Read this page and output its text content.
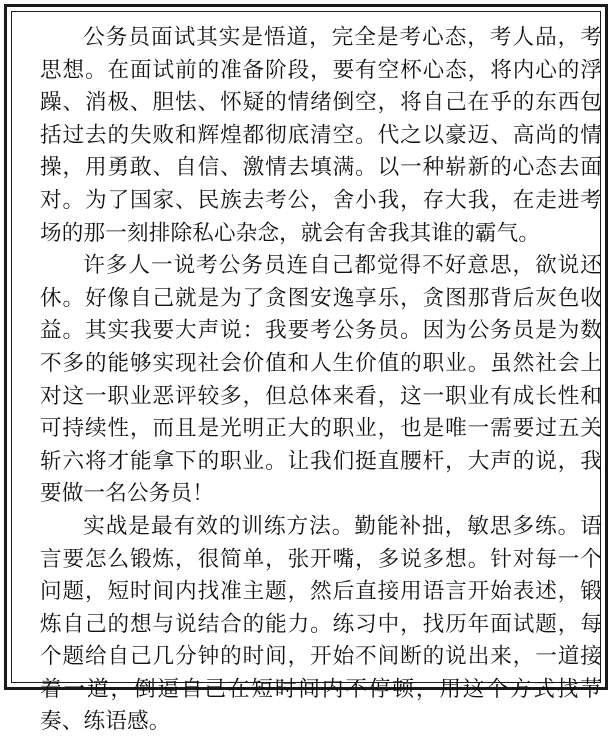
公务员面试其实是悟道，完全是考心态，考人品，考思想。在面试前的准备阶段，要有空杯心态，将内心的浮躁、消极、胆怯、怀疑的情绪倒空，将自己在乎的东西包括过去的失败和辉煌都彻底清空。代之以豪迈、高尚的情操，用勇敢、自信、激情去填满。以一种崭新的心态去面对。为了国家、民族去考公，舍小我，存大我，在走进考场的那一刻排除私心杂念，就会有舍我其谁的霸气。

许多人一说考公务员连自己都觉得不好意思，欲说还休。好像自己就是为了贪图安逸享乐，贪图那背后灰色收益。其实我要大声说：我要考公务员。因为公务员是为数不多的能够实现社会价值和人生价值的职业。虽然社会上对这一职业恶评较多，但总体来看，这一职业有成长性和可持续性，而且是光明正大的职业，也是唯一需要过五关斩六将才能拿下的职业。让我们挺直腰杆，大声的说，我要做一名公务员！

实战是最有效的训练方法。勤能补拙，敏思多练。语言要怎么锻炼，很简单，张开嘴，多说多想。针对每一个问题，短时间内找准主题，然后直接用语言开始表述，锻炼自己的想与说结合的能力。练习中，找历年面试题，每个题给自己几分钟的时间，开始不间断的说出来，一道接着一道，倒逼自己在短时间内不停顿，用这个方式找节奏、练语感。
